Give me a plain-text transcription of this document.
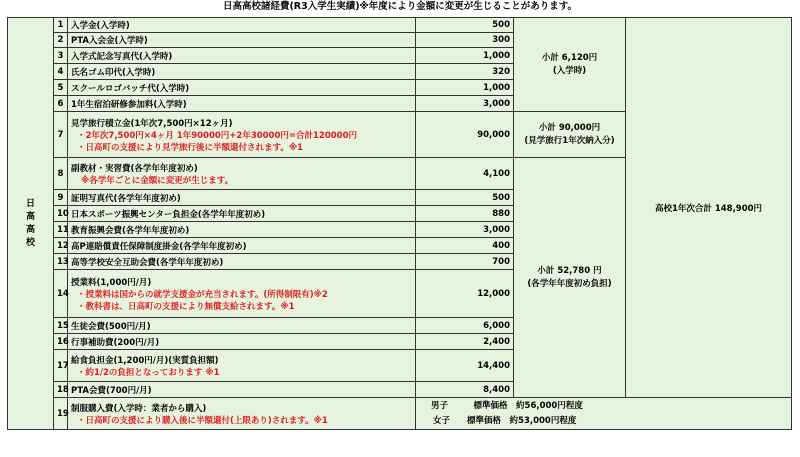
日高高校諸経費(R3入学生実績)※年度により金額に変更が生じることがあります。
日高高校	1	入学金(入学時)	500	小計 6,120円
(入学時)	高校1年次合計 148,900円
	2	PTA入会金(入学時)	300		
	3	入学式記念写真代(入学時)	1,000		
	4	氏名ゴム印代(入学時)	320		
	5	スクールロゴバッチ代(入学時)	1,000		
	6	1年生宿泊研修参加料(入学時)	3,000		
	7	見学旅行積立金(1年次7,500円×12ヶ月)
・2年次7,500円×4ヶ月 1年90000円+2年30000円=合計120000円
・日高町の支援により見学旅行後に半額還付されます。※1	90,000	小計 90,000円
(見学旅行1年次納入分)	

	8	副教材・実習費(各学年年度初め)
※各学年ごとに金額に変更が生じます。	4,100	小計 52,780 円
(各学年年度初め負担)	

	9	証明写真代(各学年年度初め)	500		
	10	日本スポーツ振興センター負担金(各学年年度初め)	880		
	11	教育振興会費(各学年年度初め)	3,000		
	12	高P連賠償責任保障制度掛金(各学年年度初め)	400		
	13	高等学校安全互助会費(各学年年度初め)	700		
	14	授業料(1,000円/月)
・授業料は国からの就学支援金が充当されます。(所得制限有)※2
・教科書は、日高町の支援により無償支給されます。※1	12,000		
	15	生徒会費(500円/月)	6,000		
	16	行事補助費(200円/月)	2,400		
	17	給食負担金(1,200円/月)(実質負担額)
・約1/2の負担となっております ※1	14,400		
	18	PTA会費(700円/月)	8,400		
	19	制服購入費(入学時：業者から購入)
・日高町の支援により購入後に半額還付(上限あり)されます。※1	男子　　　 標準価格　約56,000円程度
女子　　 標準価格　約53,000円程度		
